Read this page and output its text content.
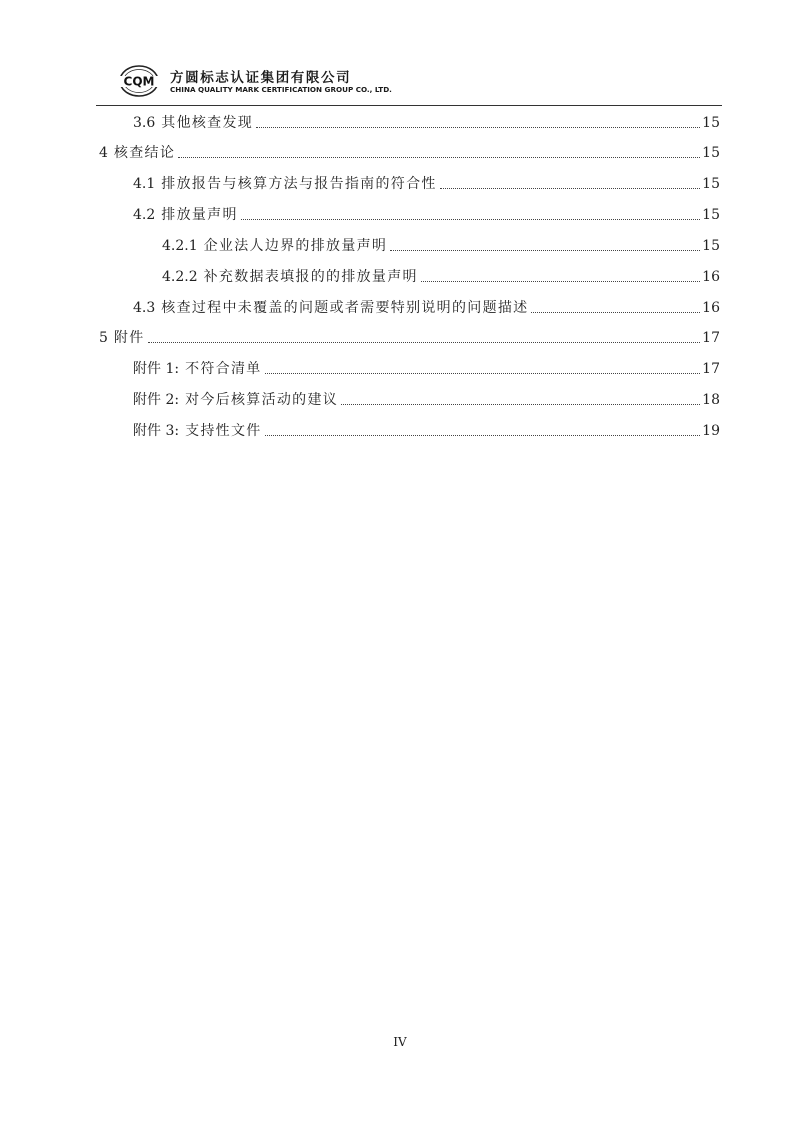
CQM 方圆标志认证集团有限公司
CHINA QUALITY MARK CERTIFICATION GROUP CO., LTD.
3.6 其他核查发现	15
4 核查结论	15
4.1 排放报告与核算方法与报告指南的符合性	15
4.2 排放量声明	15
4.2.1 企业法人边界的排放量声明	15
4.2.2 补充数据表填报的的排放量声明	16
4.3 核查过程中未覆盖的问题或者需要特别说明的问题描述	16
5 附件	17
附件 1: 不符合清单	17
附件 2: 对今后核算活动的建议	18
附件 3: 支持性文件	19
IV
